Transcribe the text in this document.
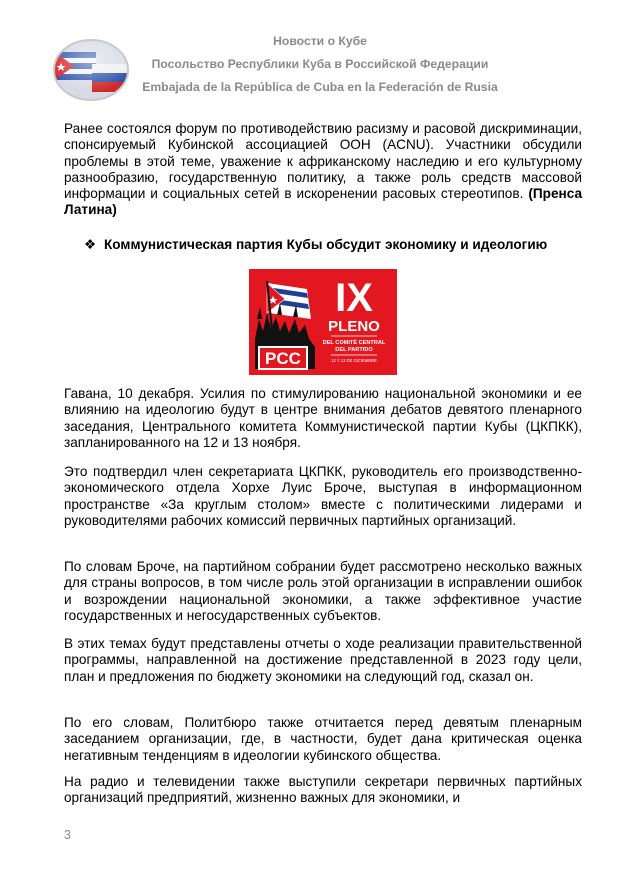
Новости о Кубе
Посольство Республики Куба в Российской Федерации
Embajada de la República de Cuba en la Federación de Rusia

Ранее состоялся форум по противодействию расизму и расовой дискриминации, спонсируемый Кубинской ассоциацией ООН (ACNU). Участники обсудили проблемы в этой теме, уважение к африканскому наследию и его культурному разнообразию, государственную политику, а также роль средств массовой информации и социальных сетей в искоренении расовых стереотипов. (Пренса Латина)

❖ Коммунистическая партия Кубы обсудит экономику и идеологию
PCC
IX
PLENO
DEL COMITÉ CENTRAL
DEL PARTIDO
12 Y 13 DE DICIEMBRE

Гавана, 10 декабря. Усилия по стимулированию национальной экономики и ее влиянию на идеологию будут в центре внимания дебатов девятого пленарного заседания, Центрального комитета Коммунистической партии Кубы (ЦКПКК), запланированного на 12 и 13 ноября.

Это подтвердил член секретариата ЦКПКК, руководитель его производственно-экономического отдела Хорхе Луис Броче, выступая в информационном пространстве «За круглым столом» вместе с политическими лидерами и руководителями рабочих комиссий первичных партийных организаций.

По словам Броче, на партийном собрании будет рассмотрено несколько важных для страны вопросов, в том числе роль этой организации в исправлении ошибок и возрождении национальной экономики, а также эффективное участие государственных и негосударственных субъектов.

В этих темах будут представлены отчеты о ходе реализации правительственной программы, направленной на достижение представленной в 2023 году цели, план и предложения по бюджету экономики на следующий год, сказал он.

По его словам, Политбюро также отчитается перед девятым пленарным заседанием организации, где, в частности, будет дана критическая оценка негативным тенденциям в идеологии кубинского общества.

На радио и телевидении также выступили секретари первичных партийных организаций предприятий, жизненно важных для экономики, и

3
